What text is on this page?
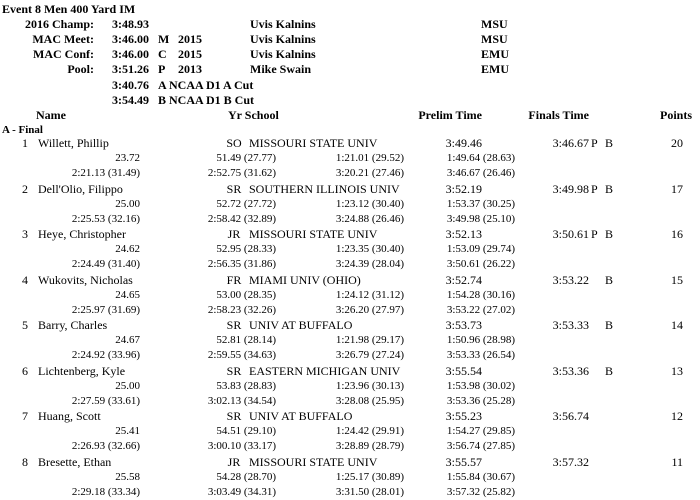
Event 8 Men 400 Yard IM
2016 Champ: 3:48.93	Uvis Kalnins	MSU
MAC Meet: 3:46.00 M 2015	Uvis Kalnins	MSU
MAC Conf: 3:46.00 C 2015	Uvis Kalnins	EMU
Pool: 3:51.26 P 2013	Mike Swain	EMU
3:40.76 A NCAA D1 A Cut
3:54.49 B NCAA D1 B Cut
Name	Yr School	Prelim Time	Finals Time	Points
A - Final
1 Willett, Phillip	SO MISSOURI STATE UNIV	3:49.46	3:46.67 P B	20
23.72	51.49 (27.77)	1:21.01 (29.52)	1:49.64 (28.63)
2:21.13 (31.49)	2:52.75 (31.62)	3:20.21 (27.46)	3:46.67 (26.46)
2 Dell'Olio, Filippo	SR SOUTHERN ILLINOIS UNIV	3:52.19	3:49.98 P B	17
25.00	52.72 (27.72)	1:23.12 (30.40)	1:53.37 (30.25)
2:25.53 (32.16)	2:58.42 (32.89)	3:24.88 (26.46)	3:49.98 (25.10)
3 Heye, Christopher	JR MISSOURI STATE UNIV	3:52.13	3:50.61 P B	16
24.62	52.95 (28.33)	1:23.35 (30.40)	1:53.09 (29.74)
2:24.49 (31.40)	2:56.35 (31.86)	3:24.39 (28.04)	3:50.61 (26.22)
4 Wukovits, Nicholas	FR MIAMI UNIV (OHIO)	3:52.74	3:53.22 B	15
24.65	53.00 (28.35)	1:24.12 (31.12)	1:54.28 (30.16)
2:25.97 (31.69)	2:58.23 (32.26)	3:26.20 (27.97)	3:53.22 (27.02)
5 Barry, Charles	SR UNIV AT BUFFALO	3:53.73	3:53.33 B	14
24.67	52.81 (28.14)	1:21.98 (29.17)	1:50.96 (28.98)
2:24.92 (33.96)	2:59.55 (34.63)	3:26.79 (27.24)	3:53.33 (26.54)
6 Lichtenberg, Kyle	SR EASTERN MICHIGAN UNIV	3:55.54	3:53.36 B	13
25.00	53.83 (28.83)	1:23.96 (30.13)	1:53.98 (30.02)
2:27.59 (33.61)	3:02.13 (34.54)	3:28.08 (25.95)	3:53.36 (25.28)
7 Huang, Scott	SR UNIV AT BUFFALO	3:55.23	3:56.74	12
25.41	54.51 (29.10)	1:24.42 (29.91)	1:54.27 (29.85)
2:26.93 (32.66)	3:00.10 (33.17)	3:28.89 (28.79)	3:56.74 (27.85)
8 Bresette, Ethan	JR MISSOURI STATE UNIV	3:55.57	3:57.32	11
25.58	54.28 (28.70)	1:25.17 (30.89)	1:55.84 (30.67)
2:29.18 (33.34)	3:03.49 (34.31)	3:31.50 (28.01)	3:57.32 (25.82)
